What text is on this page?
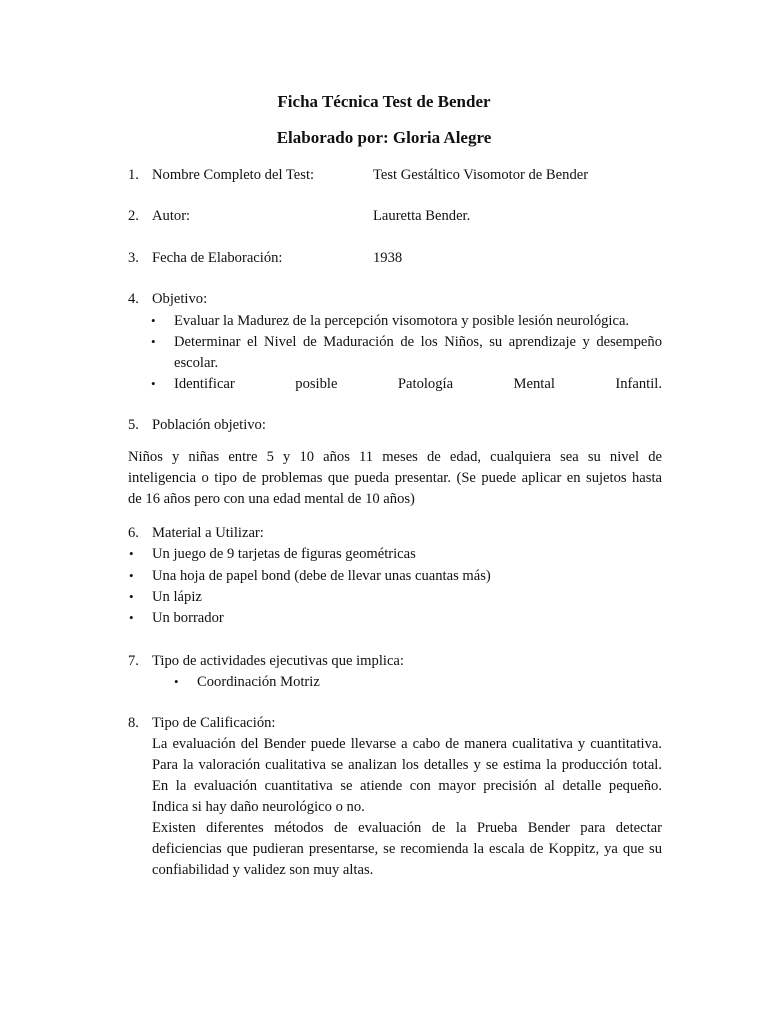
Ficha Técnica Test de Bender
Elaborado por: Gloria Alegre
1. Nombre Completo del Test:	Test Gestáltico Visomotor de Bender
2. Autor:	Lauretta Bender.
3. Fecha de Elaboración:	1938
4. Objetivo:
• Evaluar la Madurez de la percepción visomotora y posible lesión neurológica.
• Determinar el Nivel de Maduración de los Niños, su aprendizaje y desempeño
escolar.
• Identificar	posible	Patología	Mental	Infantil.
5. Población objetivo:
Niños y niñas entre 5 y 10 años 11 meses de edad, cualquiera sea su nivel de
inteligencia o tipo de problemas que pueda presentar. (Se puede aplicar en sujetos hasta
de 16 años pero con una edad mental de 10 años)
6. Material a Utilizar:
• Un juego de 9 tarjetas de figuras geométricas
• Una hoja de papel bond (debe de llevar unas cuantas más)
• Un lápiz
• Un borrador
7. Tipo de actividades ejecutivas que implica:
• Coordinación Motriz
8. Tipo de Calificación:
La evaluación del Bender puede llevarse a cabo de manera cualitativa y cuantitativa.
Para la valoración cualitativa se analizan los detalles y se estima la producción total.
En la evaluación cuantitativa se atiende con mayor precisión al detalle pequeño.
Indica si hay daño neurológico o no.
Existen diferentes métodos de evaluación de la Prueba Bender para detectar
deficiencias que pudieran presentarse, se recomienda la escala de Koppitz, ya que su
confiabilidad y validez son muy altas.
